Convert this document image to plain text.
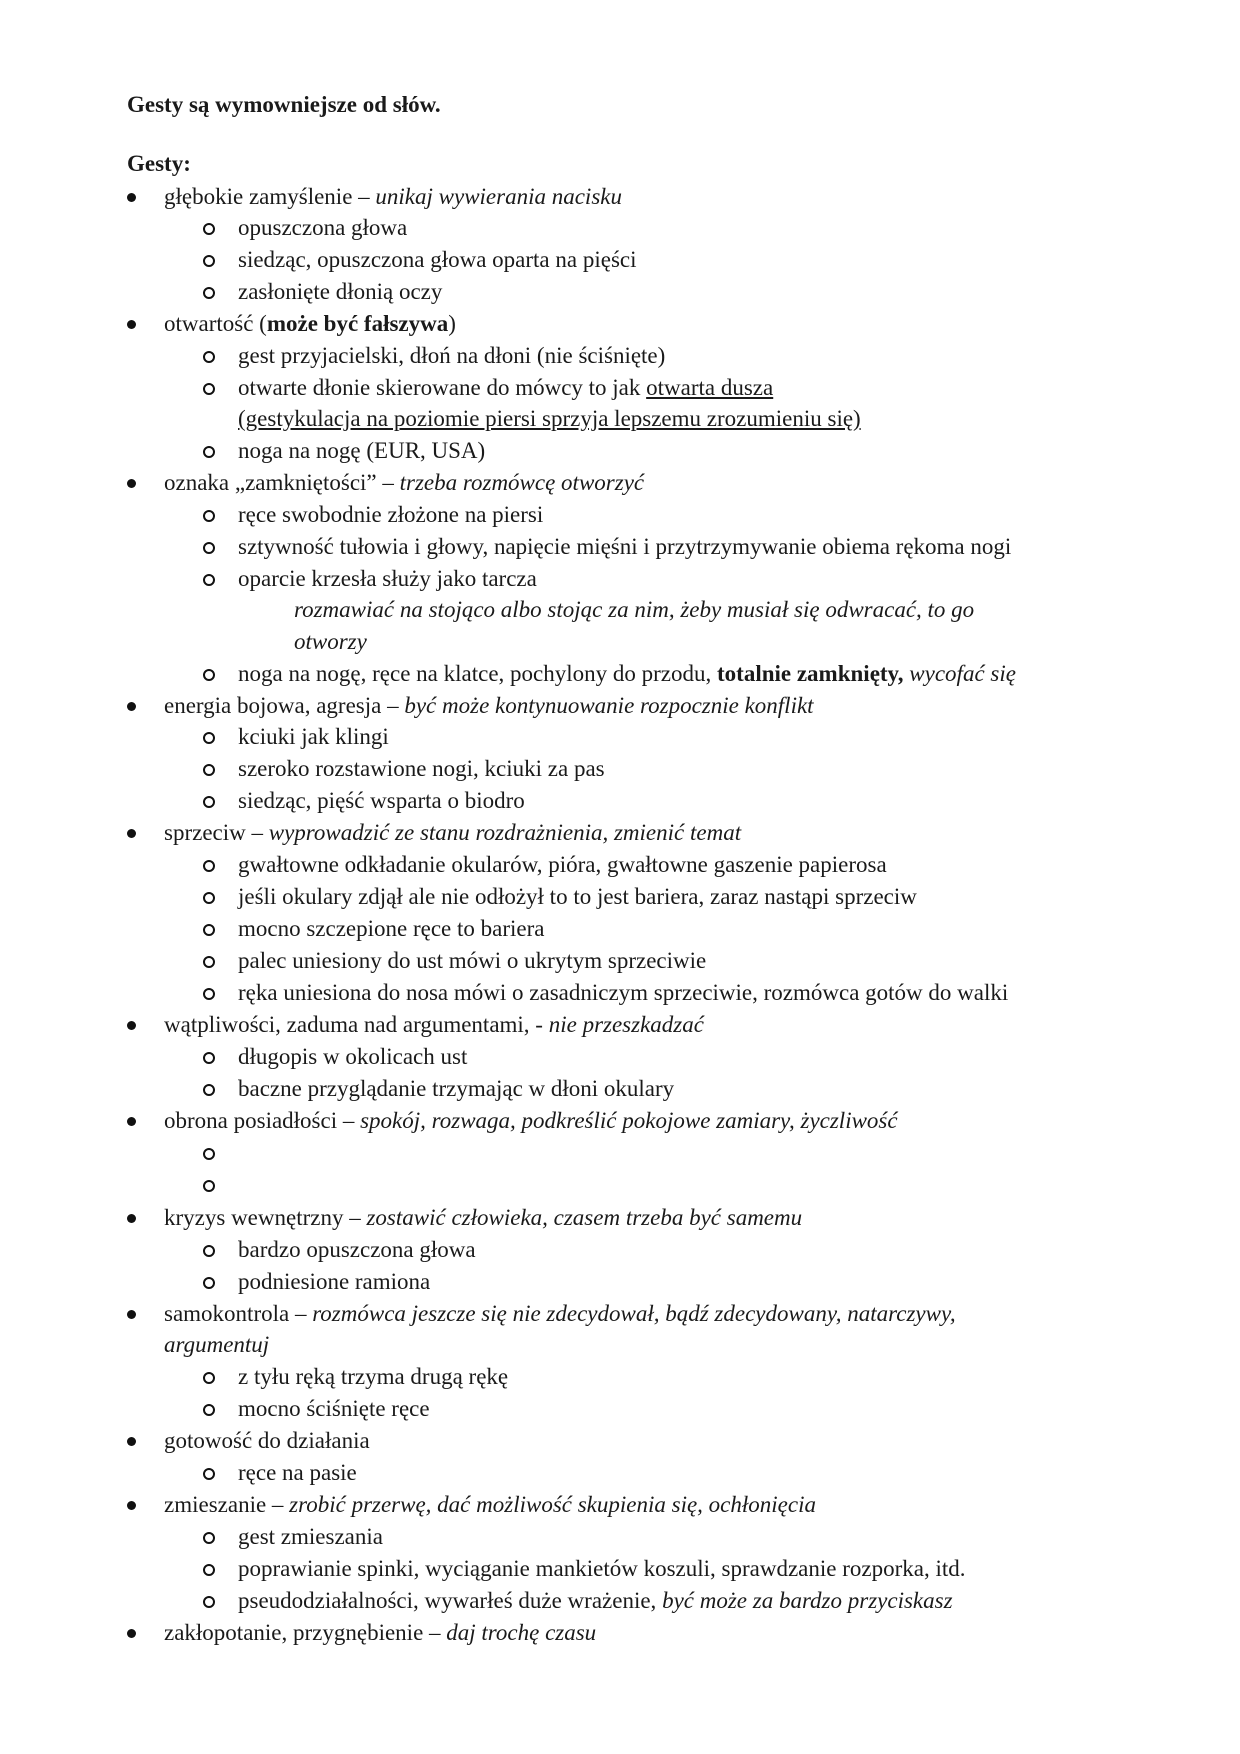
Gesty są wymowniejsze od słów.
Gesty:
głębokie zamyślenie – unikaj wywierania nacisku
opuszczona głowa
siedząc, opuszczona głowa oparta na pięści
zasłonięte dłonią oczy
otwartość (może być fałszywa)
gest przyjacielski, dłoń na dłoni (nie ściśnięte)
otwarte dłonie skierowane do mówcy to jak otwarta dusza
(gestykulacja na poziomie piersi sprzyja lepszemu zrozumieniu się)
noga na nogę (EUR, USA)
oznaka „zamkniętości” – trzeba rozmówcę otworzyć
ręce swobodnie złożone na piersi
sztywność tułowia i głowy, napięcie mięśni i przytrzymywanie obiema rękoma nogi
oparcie krzesła służy jako tarcza
rozmawiać na stojąco albo stojąc za nim, żeby musiał się odwracać, to go
otworzy
noga na nogę, ręce na klatce, pochylony do przodu, totalnie zamknięty, wycofać się
energia bojowa, agresja – być może kontynuowanie rozpocznie konflikt
kciuki jak klingi
szeroko rozstawione nogi, kciuki za pas
siedząc, pięść wsparta o biodro
sprzeciw – wyprowadzić ze stanu rozdrażnienia, zmienić temat
gwałtowne odkładanie okularów, pióra, gwałtowne gaszenie papierosa
jeśli okulary zdjął ale nie odłożył to to jest bariera, zaraz nastąpi sprzeciw
mocno szczepione ręce to bariera
palec uniesiony do ust mówi o ukrytym sprzeciwie
ręka uniesiona do nosa mówi o zasadniczym sprzeciwie, rozmówca gotów do walki
wątpliwości, zaduma nad argumentami, - nie przeszkadzać
długopis w okolicach ust
baczne przyglądanie trzymając w dłoni okulary
obrona posiadłości – spokój, rozwaga, podkreślić pokojowe zamiary, życzliwość
kryzys wewnętrzny – zostawić człowieka, czasem trzeba być samemu
bardzo opuszczona głowa
podniesione ramiona
samokontrola – rozmówca jeszcze się nie zdecydował, bądź zdecydowany, natarczywy,
argumentuj
z tyłu ręką trzyma drugą rękę
mocno ściśnięte ręce
gotowość do działania
ręce na pasie
zmieszanie – zrobić przerwę, dać możliwość skupienia się, ochłonięcia
gest zmieszania
poprawianie spinki, wyciąganie mankietów koszuli, sprawdzanie rozporka, itd.
pseudodziałalności, wywarłeś duże wrażenie, być może za bardzo przyciskasz
zakłopotanie, przygnębienie – daj trochę czasu
